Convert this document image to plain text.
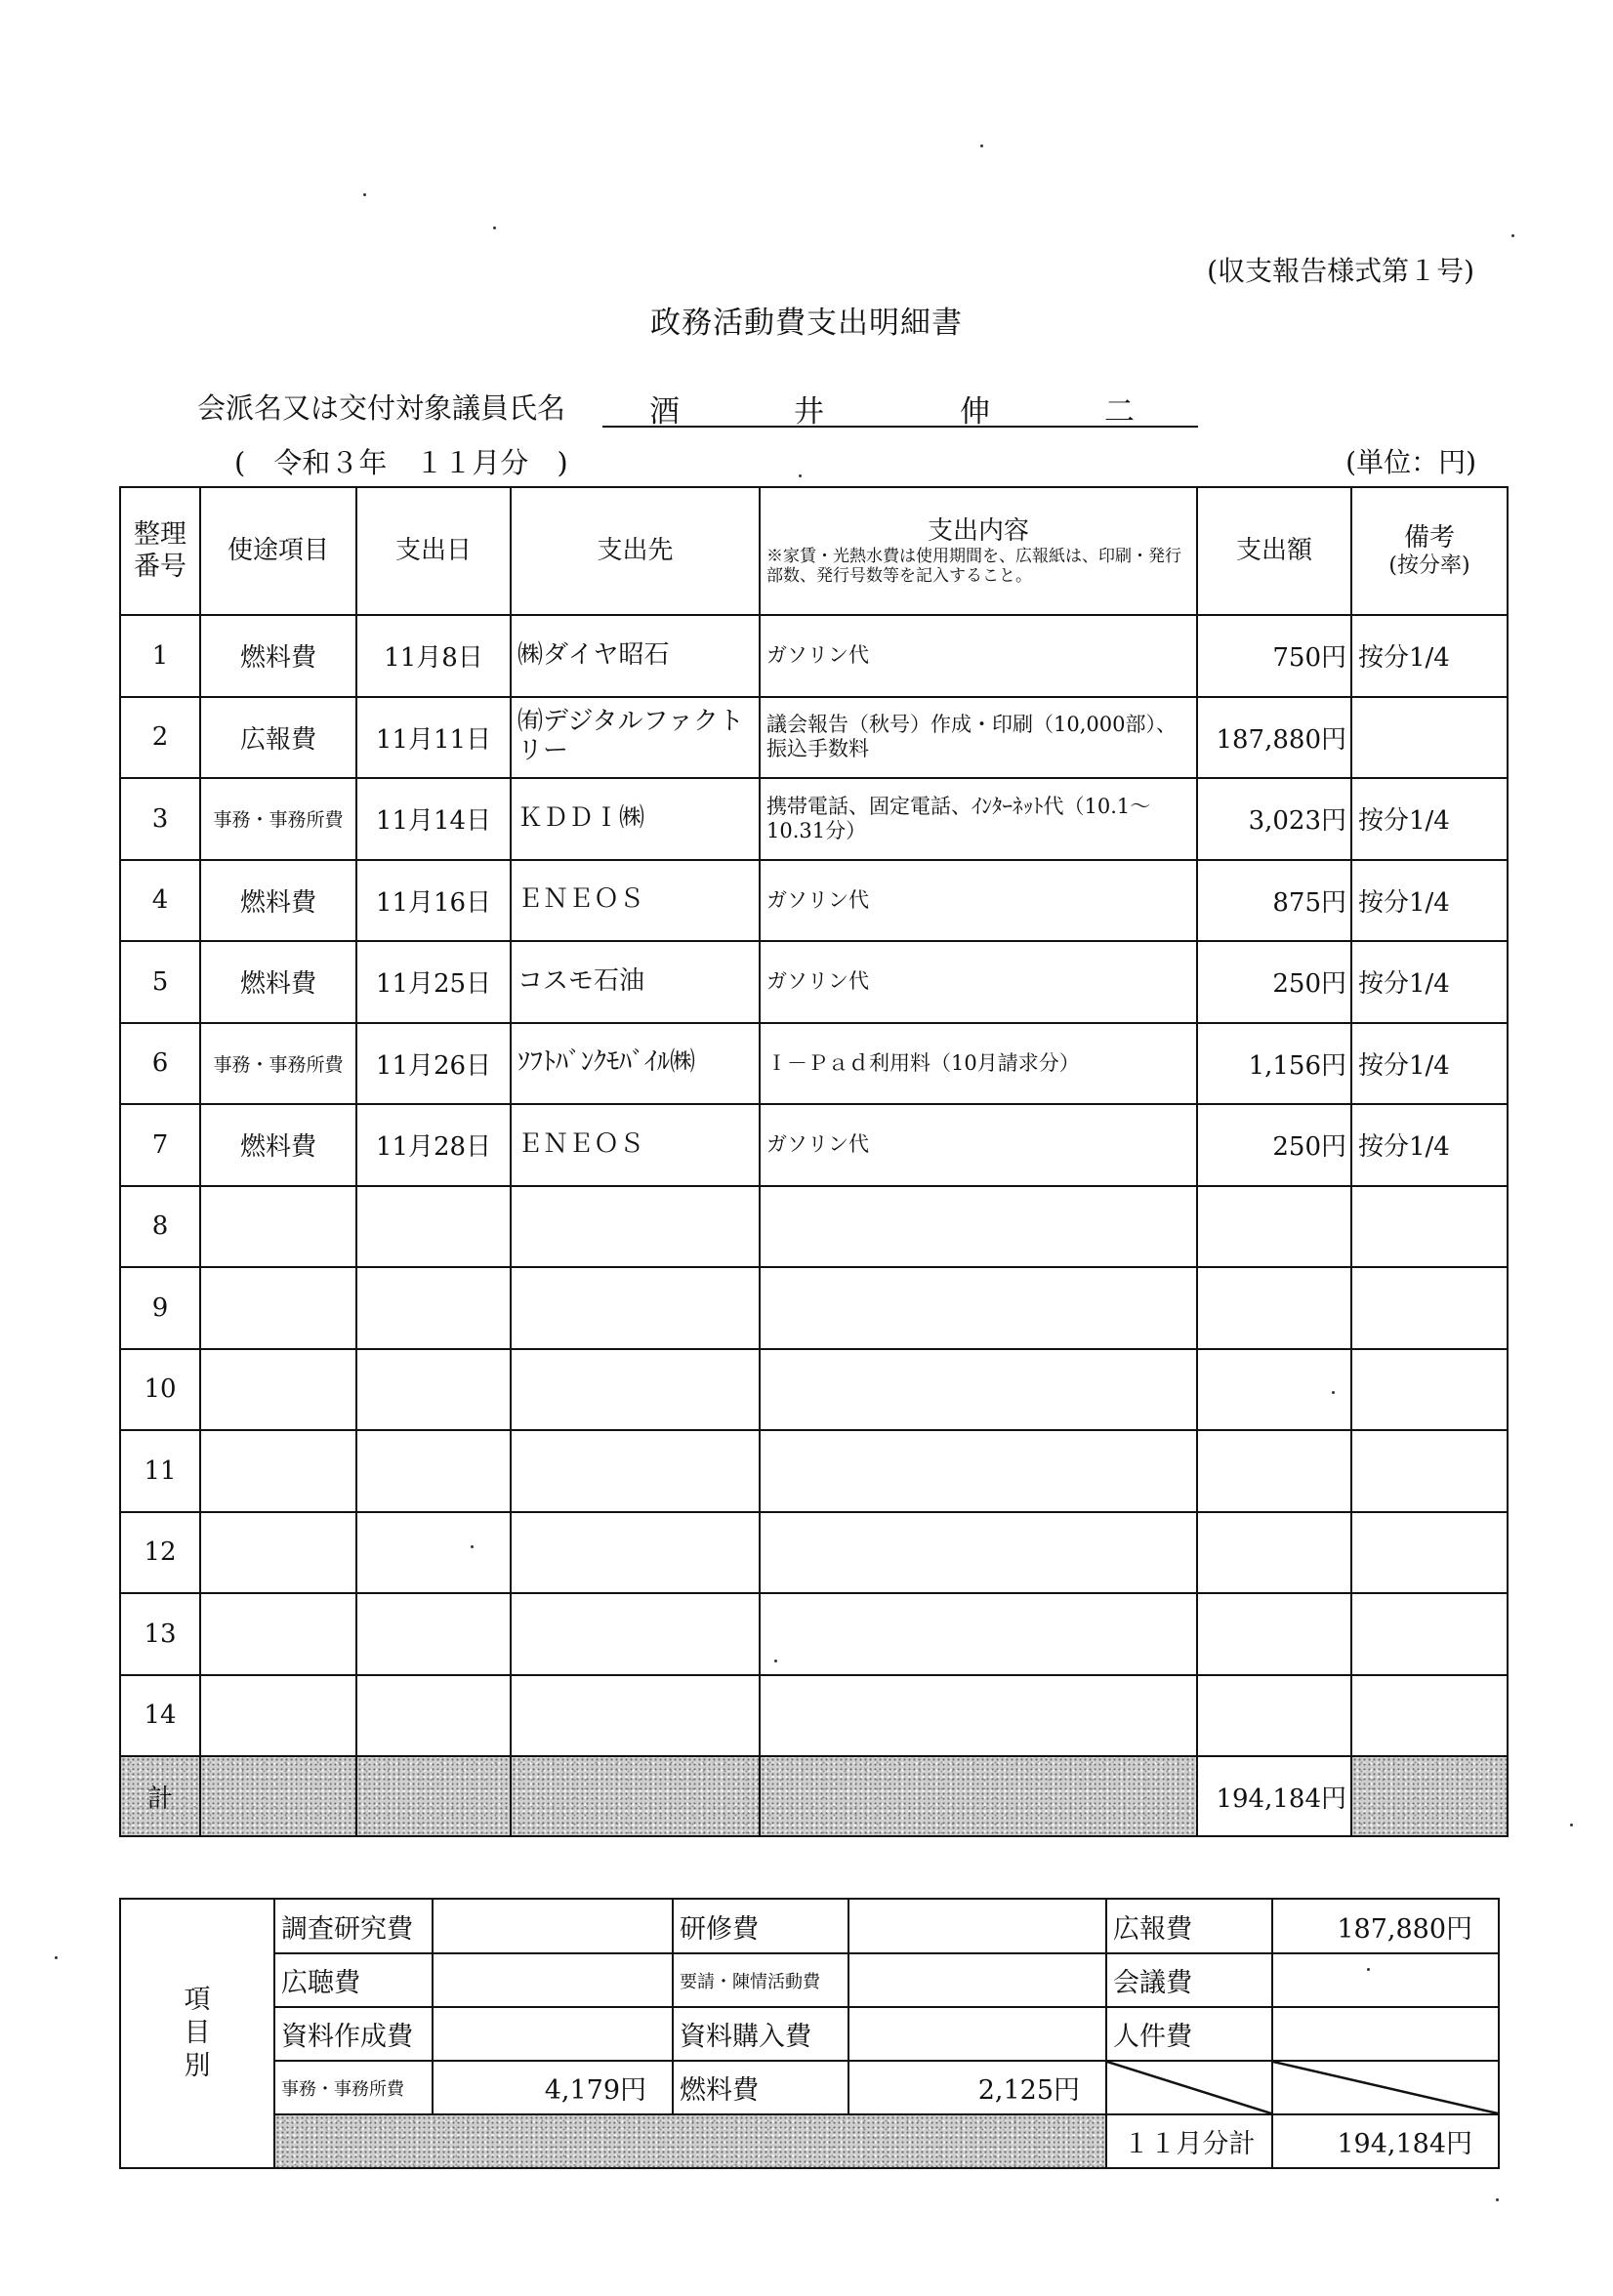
(収支報告様式第１号)
政務活動費支出明細書
会派名又は交付対象議員氏名	酒	井	伸	二
(　令和３年　１１月分　)	(単位：円)
整理番号	使途項目	支出日	支出先	支出内容
※家賃・光熱水費は使用期間を、広報紙は、印刷・発行部数、発行号数等を記入すること。	支出額	備考
(按分率)

1	燃料費	11月8日	㈱ダイヤ昭石	ガソリン代	750円	按分1/4
2	広報費	11月11日	㈲デジタルファクトリー	議会報告（秋号）作成・印刷（10,000部）、振込手数料	187,880円	
3	事務・事務所費	11月14日	ＫＤＤＩ㈱	携帯電話、固定電話、ｲﾝﾀｰﾈｯﾄ代（10.1～10.31分）	3,023円	按分1/4
4	燃料費	11月16日	ＥＮＥＯＳ	ガソリン代	875円	按分1/4
5	燃料費	11月25日	コスモ石油	ガソリン代	250円	按分1/4
6	事務・事務所費	11月26日	ｿﾌﾄﾊﾞﾝｸﾓﾊﾞｲﾙ㈱	Ｉ－Ｐａｄ利用料（10月請求分）	1,156円	按分1/4
7	燃料費	11月28日	ＥＮＥＯＳ	ガソリン代	250円	按分1/4
8						
9						
10						
11						
12						
13						
14						
計					194,184円	
項目別	調査研究費		研修費		広報費	187,880円
	広聴費		要請・陳情活動費		会議費	
	資料作成費		資料購入費		人件費	
	事務・事務所費	4,179円	燃料費	2,125円		
					１１月分計	194,184円
